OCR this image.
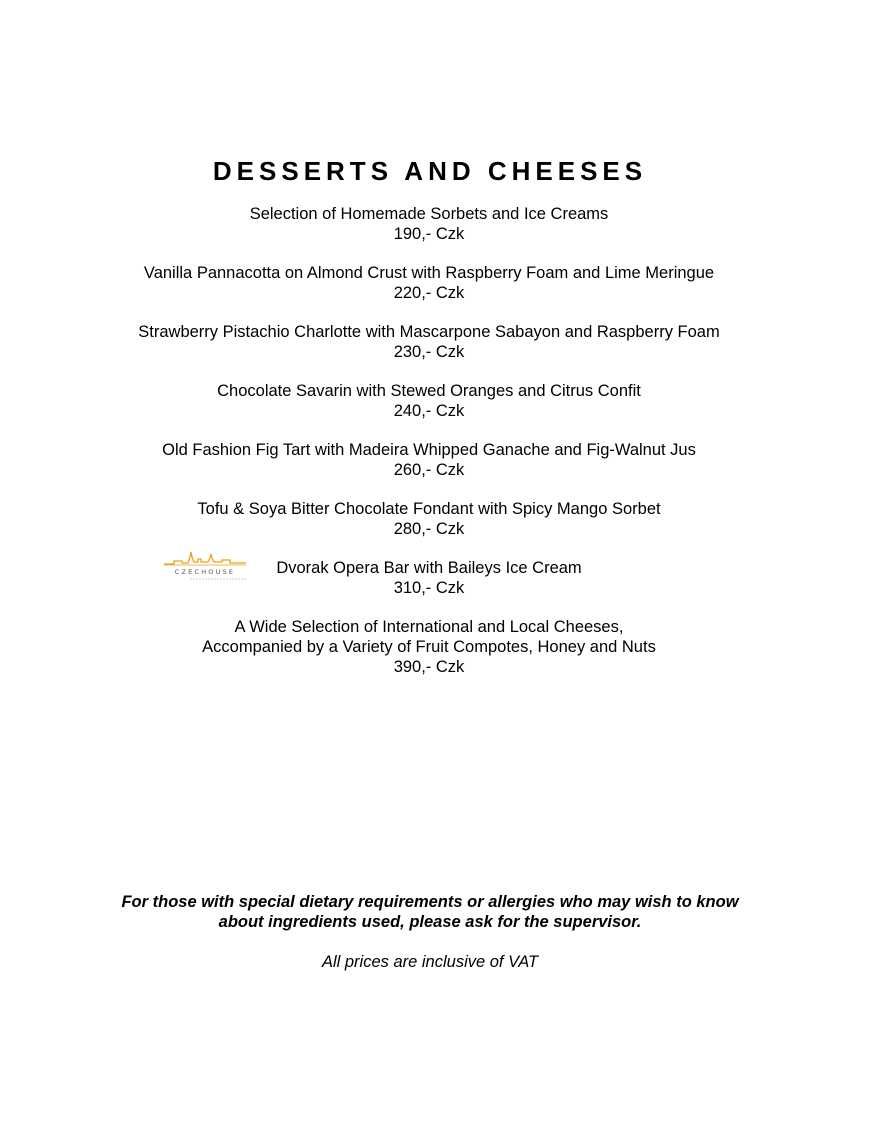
DESSERTS AND CHEESES
Selection of Homemade Sorbets and Ice Creams
190,- Czk
Vanilla Pannacotta on Almond Crust with Raspberry Foam and Lime Meringue
220,- Czk
Strawberry Pistachio Charlotte with Mascarpone Sabayon and Raspberry Foam
230,- Czk
Chocolate Savarin with Stewed Oranges and Citrus Confit
240,- Czk
Old Fashion Fig Tart with Madeira Whipped Ganache and Fig-Walnut Jus
260,- Czk
Tofu & Soya Bitter Chocolate Fondant with Spicy Mango Sorbet
280,- Czk
CZECHOUSE	Dvorak Opera Bar with Baileys Ice Cream
310,- Czk
A Wide Selection of International and Local Cheeses,
Accompanied by a Variety of Fruit Compotes, Honey and Nuts
390,- Czk
For those with special dietary requirements or allergies who may wish to know
about ingredients used, please ask for the supervisor.
All prices are inclusive of VAT
